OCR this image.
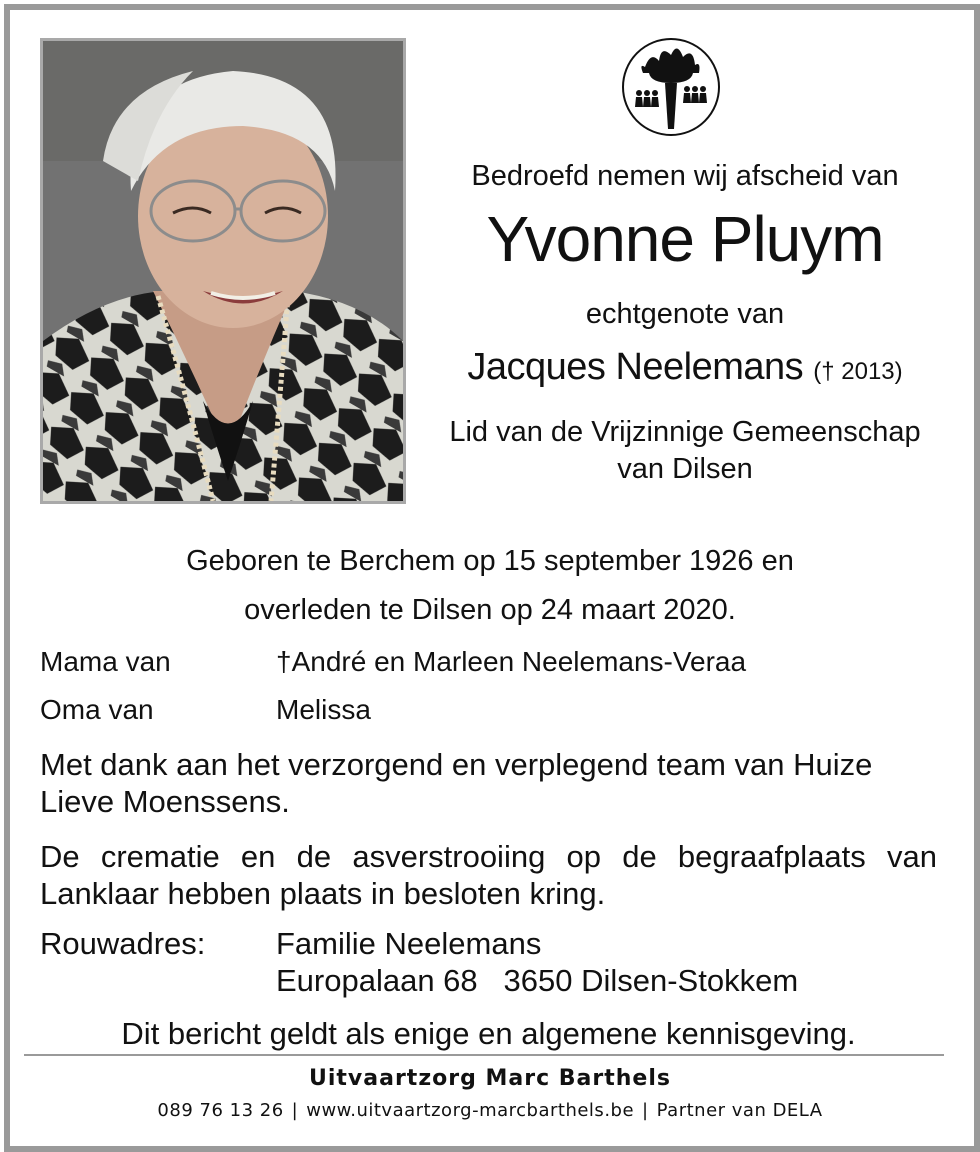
Bedroefd nemen wij afscheid van
Yvonne Pluym
echtgenote van
Jacques Neelemans († 2013)
Lid van de Vrijzinnige Gemeenschap
van Dilsen
Geboren te Berchem op 15 september 1926 en
overleden te Dilsen op 24 maart 2020.
Mama van	†André en Marleen Neelemans-Veraa
Oma van	Melissa
Met dank aan het verzorgend en verplegend team van Huize Lieve Moenssens.
De crematie en de asverstrooiing op de begraafplaats van Lanklaar hebben plaats in besloten kring.
Rouwadres: Familie Neelemans
Europalaan 68   3650 Dilsen-Stokkem
Dit bericht geldt als enige en algemene kennisgeving.
Uitvaartzorg Marc Barthels
089 76 13 26 | www.uitvaartzorg-marcbarthels.be | Partner van DELA
